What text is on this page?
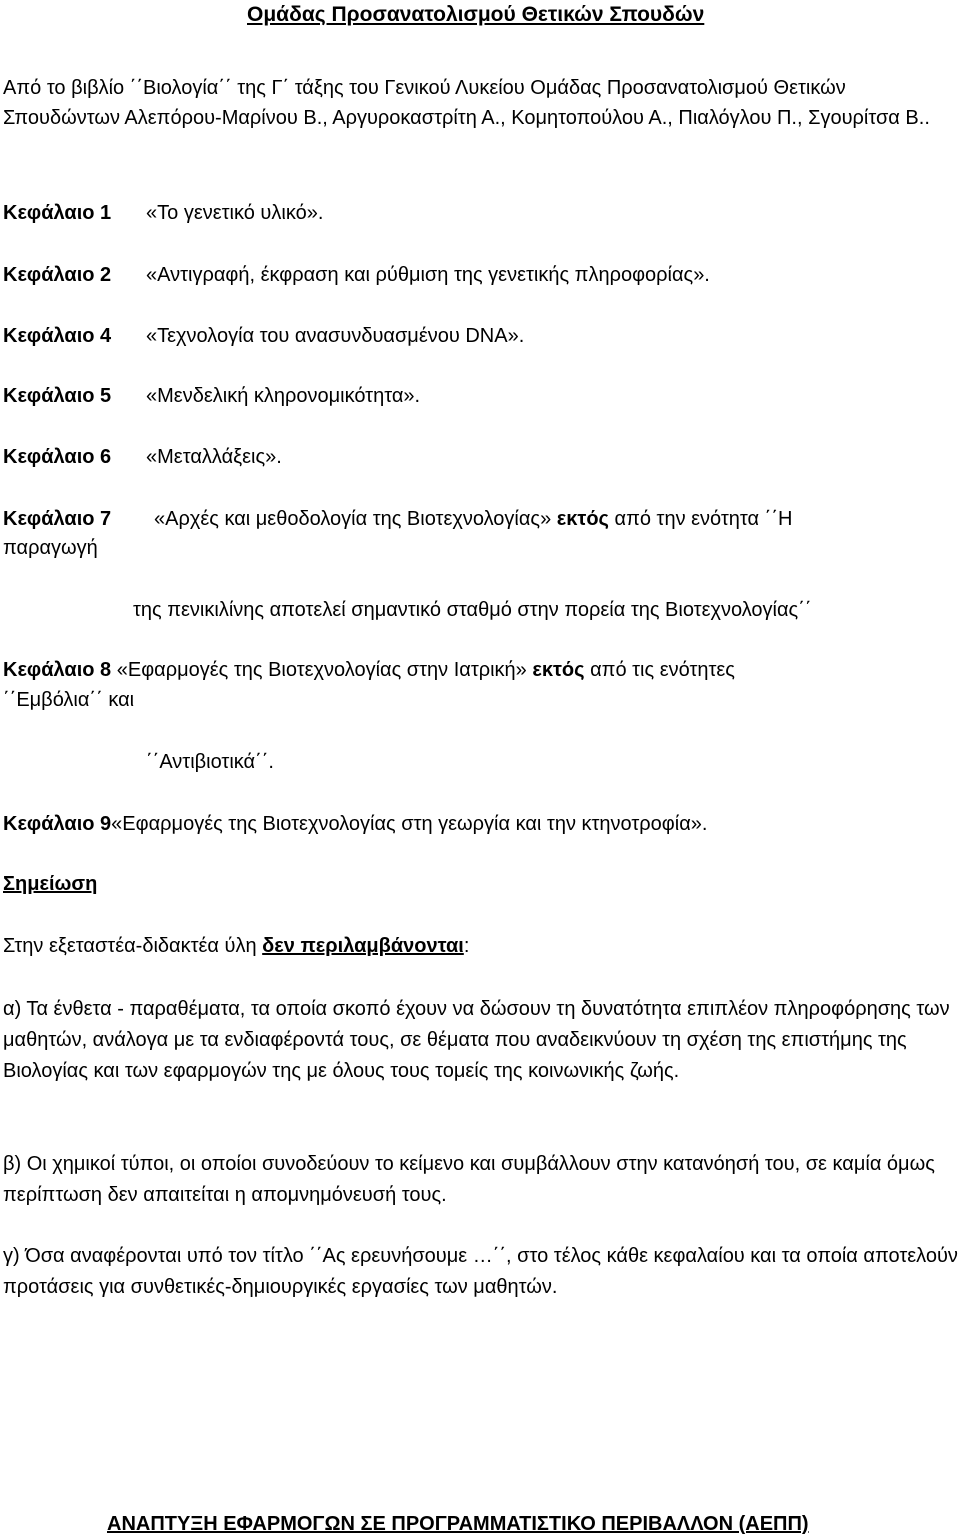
Ομάδας Προσανατολισμού Θετικών Σπουδών
Από το βιβλίο ΄΄Βιολογία΄΄ της Γ΄ τάξης του Γενικού Λυκείου Ομάδας Προσανατολισμού Θετικών Σπουδώντων Αλεπόρου-Μαρίνου Β., Αργυροκαστρίτη Α., Κομητοπούλου Α., Πιαλόγλου Π., Σγουρίτσα Β..
Κεφάλαιο 1 «Το γενετικό υλικό».
Κεφάλαιο 2 «Αντιγραφή, έκφραση και ρύθμιση της γενετικής πληροφορίας».
Κεφάλαιο 4 «Τεχνολογία του ανασυνδυασμένου DNA».
Κεφάλαιο 5 «Μενδελική κληρονομικότητα».
Κεφάλαιο 6 «Μεταλλάξεις».
Κεφάλαιο 7 «Αρχές και μεθοδολογία της Βιοτεχνολογίας» εκτός από την ενότητα ΄΄Η
παραγωγή
της πενικιλίνης αποτελεί σημαντικό σταθμό στην πορεία της Βιοτεχνολογίας΄΄
Κεφάλαιο 8 «Εφαρμογές της Βιοτεχνολογίας στην Ιατρική» εκτός από τις ενότητες
΄΄Εμβόλια΄΄ και
΄΄Αντιβιοτικά΄΄.
Κεφάλαιο 9«Εφαρμογές της Βιοτεχνολογίας στη γεωργία και την κτηνοτροφία».
Σημείωση
Στην εξεταστέα-διδακτέα ύλη δεν περιλαμβάνονται:
α) Τα ένθετα - παραθέματα, τα οποία σκοπό έχουν να δώσουν τη δυνατότητα επιπλέον πληροφόρησης των μαθητών, ανάλογα με τα ενδιαφέροντά τους, σε θέματα που αναδεικνύουν τη σχέση της επιστήμης της Βιολογίας και των εφαρμογών της με όλους τους τομείς της κοινωνικής ζωής.
β) Οι χημικοί τύποι, οι οποίοι συνοδεύουν το κείμενο και συμβάλλουν στην κατανόησή του, σε καμία όμως περίπτωση δεν απαιτείται η απομνημόνευσή τους.
γ) Όσα αναφέρονται υπό τον τίτλο ΄΄Ας ερευνήσουμε …΄΄, στο τέλος κάθε κεφαλαίου και τα οποία αποτελούν προτάσεις για συνθετικές-δημιουργικές εργασίες των μαθητών.
ΑΝΑΠΤΥΞΗ ΕΦΑΡΜΟΓΩΝ ΣΕ ΠΡΟΓΡΑΜΜΑΤΙΣΤΙΚΟ ΠΕΡΙΒΑΛΛΟΝ (ΑΕΠΠ)
